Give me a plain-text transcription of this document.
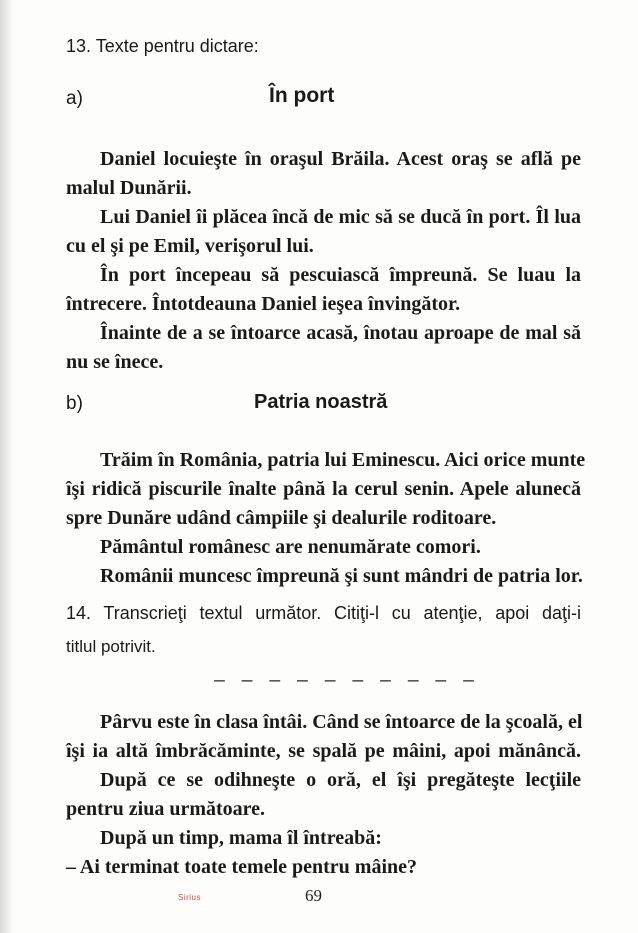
13. Texte pentru dictare:
a)	În port
Daniel locuieşte în oraşul Brăila. Acest oraş se află pe
malul Dunării.
Lui Daniel îi plăcea încă de mic să se ducă în port. Îl lua
cu el şi pe Emil, verişorul lui.
În port începeau să pescuiască împreună. Se luau la
întrecere. Întotdeauna Daniel ieşea învingător.
Înainte de a se întoarce acasă, înotau aproape de mal să
nu se înece.
b)	Patria noastră
Trăim în România, patria lui Eminescu. Aici orice munte
îşi ridică piscurile înalte până la cerul senin. Apele alunecă
spre Dunăre udând câmpiile şi dealurile roditoare.
Pământul românesc are nenumărate comori.
Românii muncesc împreună şi sunt mândri de patria lor.
14. Transcrieţi textul următor. Citiţi-l cu atenţie, apoi daţi-i
titlul potrivit.
– – – – – – – – – –
Pârvu este în clasa întâi. Când se întoarce de la şcoală, el
îşi ia altă îmbrăcăminte, se spală pe mâini, apoi mănâncă.
După ce se odihneşte o oră, el îşi pregăteşte lecţiile
pentru ziua următoare.
După un timp, mama îl întreabă:
– Ai terminat toate temele pentru mâine?
Sirius	69
